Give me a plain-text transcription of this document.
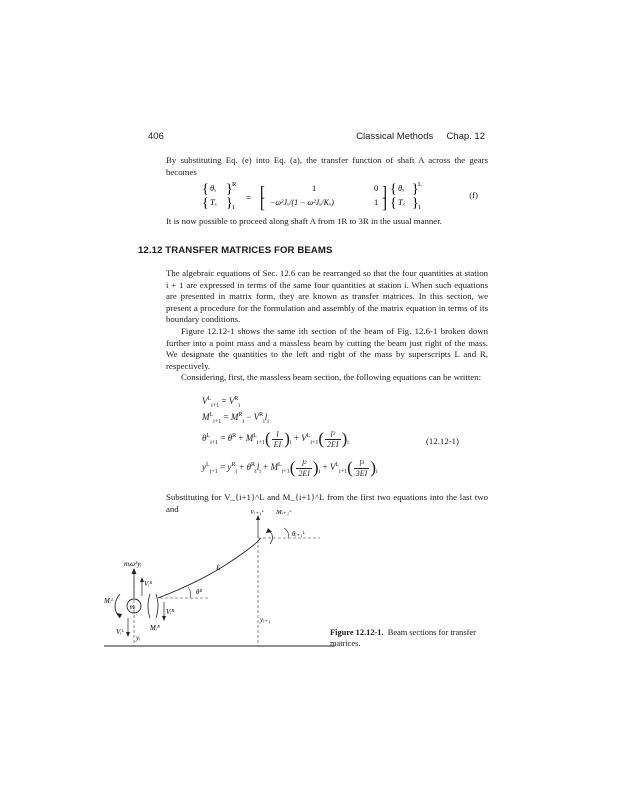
406	Classical Methods Chap. 12
By substituting Eq. (e) into Eq. (a), the transfer function of shaft A across the gears becomes
{
{
θₓ
Tₓ
}
}
R
1
= [
[
1
−ω²Jₓ/(1 − ω²Jₓ/Kₓ)
0
1
]
]
{
{
θₓ
Tₓ
}
}
L
1
(f)
It is now possible to proceed along shaft A from 1R to 3R in the usual manner.
12.12 TRANSFER MATRICES FOR BEAMS
The algebraic equations of Sec. 12.6 can be rearranged so that the four quantities at station i + 1 are expressed in terms of the same four quantities at station i. When such equations are presented in matrix form, they are known as transfer matrices. In this section, we present a procedure for the formulation and assembly of the matrix equation in terms of its boundary conditions.
Figure 12.12-1 shows the same ith section of the beam of Fig. 12.6-1 broken down further into a point mass and a massless beam by cutting the beam just right of the mass. We designate the quantities to the left and right of the mass by superscripts L and R, respectively.
Considering, first, the massless beam section, the following equations can be written:
$V^L_{i+1} = V^R_i$
$M^L_{i+1} = M^R_i - V^R_il_i$
$\theta^L_{i+1} = \theta^R + M^L_{i+1}( \frac{l}{EI} )_i + V^L_{i+1}( \frac{\text{l²}}{2EI} )_i$
$y^L_{i+1} = y^R_i + \theta^R_il_i + M^L_{i+1}( \frac{\text{l²}}{2EI} )_i + V^L_{i+1}( \frac{\text{l³}}{3EI} )_i$
(12.12-1)
Substituting for V_{i+1}^L and M_{i+1}^L from the first two equations into the last two and
mᵢ
mᵢω²yᵢ
Vᵢᴿ
Mᵢᴸ
Vᵢᴸ
yᵢ
Vᵢᴿ
Mᵢᴿ
θᴿ
ℓᵢ
Vᵢ₊₁ᴸ Mᵢ₊₁ᴸ
θᵢ₊₁ᴸ
yᵢ₊₁
Figure 12.12-1. Beam sections for transfer matrices.
